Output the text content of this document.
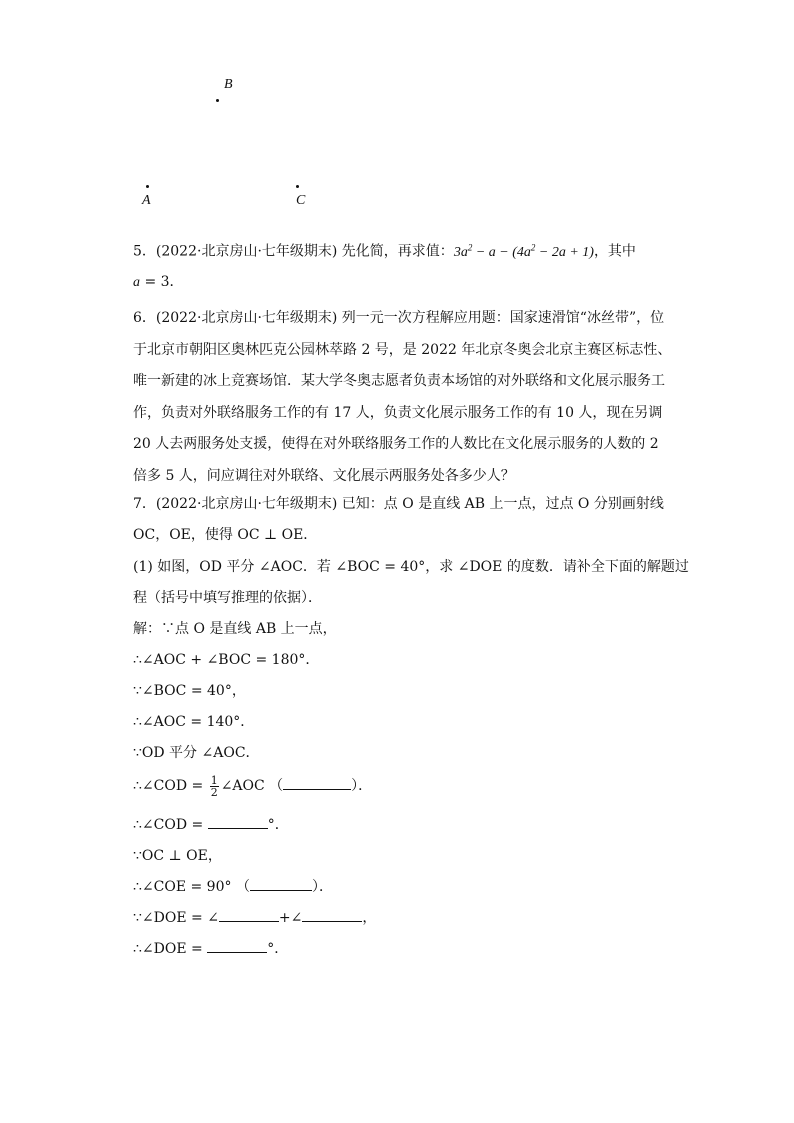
B
A	C
5．(2022·北京房山·七年级期末) 先化简，再求值：$3a^2 - a - (4a^2 - 2a + 1)$，其中
a = 3．
6．(2022·北京房山·七年级期末) 列一元一次方程解应用题：国家速滑馆“冰丝带”，位于北京市朝阳区奥林匹克公园林萃路 2 号，是 2022 年北京冬奥会北京主赛区标志性、唯一新建的冰上竞赛场馆．某大学冬奥志愿者负责本场馆的对外联络和文化展示服务工作，负责对外联络服务工作的有 17 人，负责文化展示服务工作的有 10 人，现在另调 20 人去两服务处支援，使得在对外联络服务工作的人数比在文化展示服务的人数的 2 倍多 5 人，问应调往对外联络、文化展示两服务处各多少人？
7．(2022·北京房山·七年级期末) 已知：点 O 是直线 AB 上一点，过点 O 分别画射线
OC，OE，使得 OC ⊥ OE．
(1) 如图，OD 平分 ∠AOC．若 ∠BOC = 40°，求 ∠DOE 的度数．请补全下面的解题过
程（括号中填写推理的依据）．
解：∵点 O 是直线 AB 上一点，
∴∠AOC + ∠BOC = 180°．
∵∠BOC = 40°，
∴∠AOC = 140°．
∵OD 平分 ∠AOC．
∴∠COD = $\frac{1}{2}$ ∠AOC （	）．
∴∠COD =	°．
∵OC ⊥ OE，
∴∠COE = 90° （	）．
∵∠DOE = ∠	+∠	，
∴∠DOE =	°．
